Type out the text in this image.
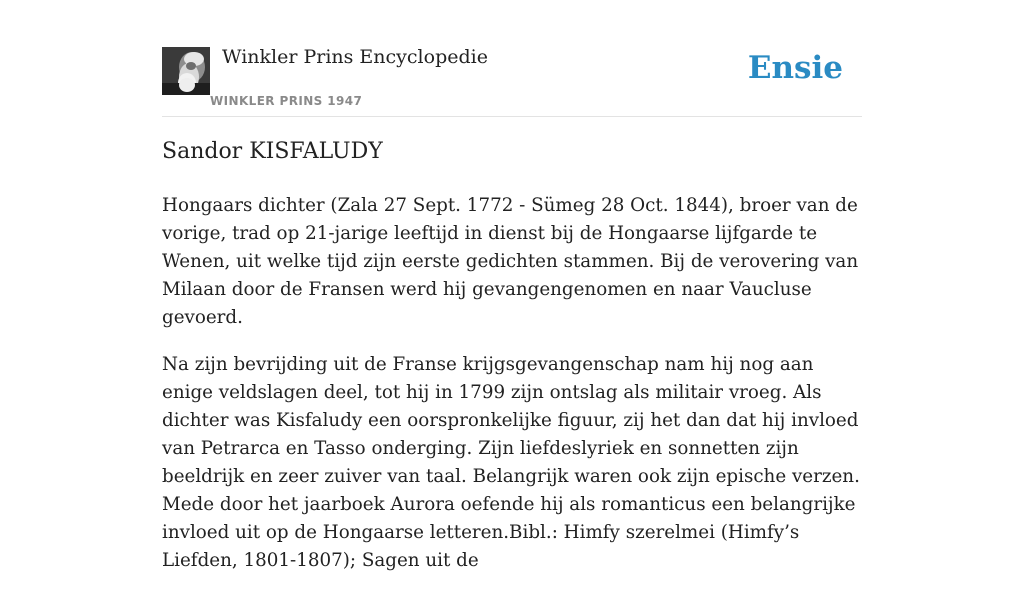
Winkler Prins Encyclopedie
WINKLER PRINS 1947
Ensie
Sandor KISFALUDY

Hongaars dichter (Zala 27 Sept. 1772 - Sümeg 28 Oct. 1844), broer van de vorige, trad op 21-jarige leeftijd in dienst bij de Hongaarse lijfgarde te Wenen, uit welke tijd zijn eerste gedichten stammen. Bij de verovering van Milaan door de Fransen werd hij gevangengenomen en naar Vaucluse gevoerd.

Na zijn bevrijding uit de Franse krijgsgevangenschap nam hij nog aan enige veldslagen deel, tot hij in 1799 zijn ontslag als militair vroeg. Als dichter was Kisfaludy een oorspronkelijke figuur, zij het dan dat hij invloed van Petrarca en Tasso onderging. Zijn liefdeslyriek en sonnetten zijn beeldrijk en zeer zuiver van taal. Belangrijk waren ook zijn epische verzen. Mede door het jaarboek Aurora oefende hij als romanticus een belangrijke invloed uit op de Hongaarse letteren.Bibl.: Himfy szerelmei (Himfy’s Liefden, 1801-1807); Sagen uit de
